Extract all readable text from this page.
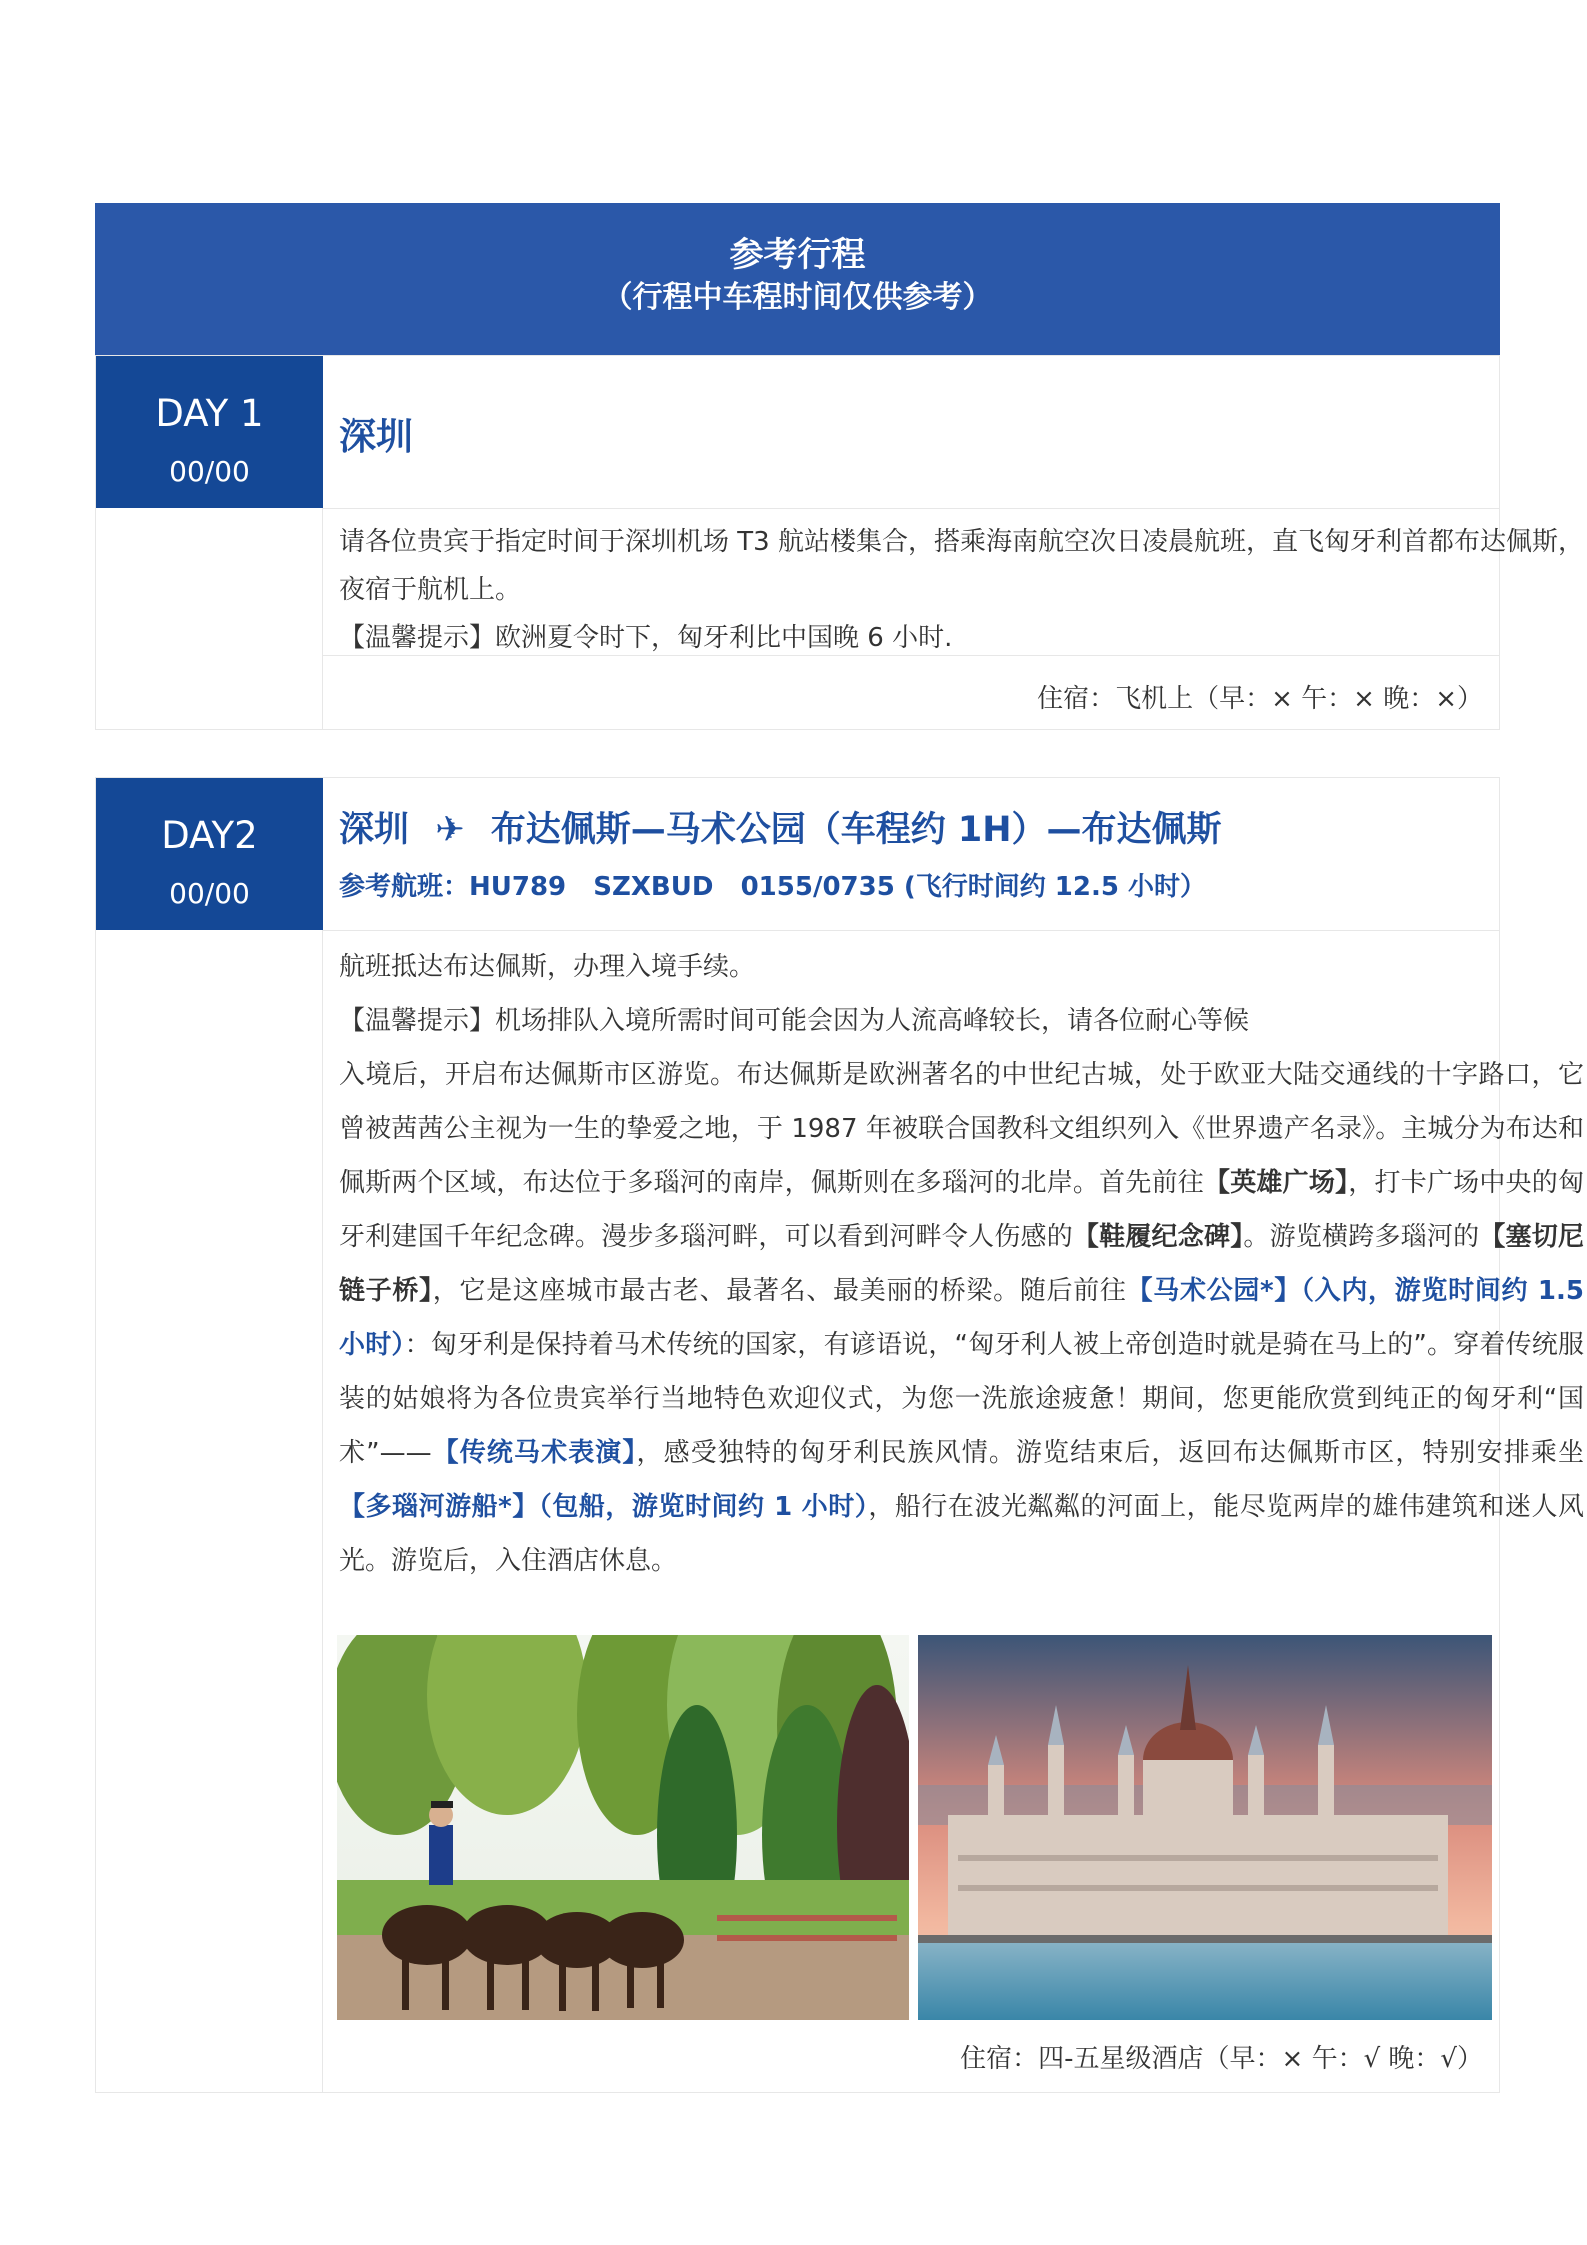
参考行程
（行程中车程时间仅供参考）
DAY 1
00/00
深圳

请各位贵宾于指定时间于深圳机场 T3 航站楼集合，搭乘海南航空次日凌晨航班，直飞匈牙利首都布达佩斯，夜宿于航机上。

【温馨提示】欧洲夏令时下，匈牙利比中国晚 6 小时.

住宿：飞机上（早：× 午：× 晚：×）
DAY2
00/00
深圳 ✈ 布达佩斯—马术公园（车程约 1H）—布达佩斯
参考航班：HU789   SZXBUD   0155/0735 (飞行时间约 12.5 小时）

航班抵达布达佩斯，办理入境手续。

【温馨提示】机场排队入境所需时间可能会因为人流高峰较长，请各位耐心等候

入境后，开启布达佩斯市区游览。布达佩斯是欧洲著名的中世纪古城，处于欧亚大陆交通线的十字路口，它曾被茜茜公主视为一生的挚爱之地，于 1987 年被联合国教科文组织列入《世界遗产名录》。主城分为布达和佩斯两个区域，布达位于多瑙河的南岸，佩斯则在多瑙河的北岸。首先前往【英雄广场】，打卡广场中央的匈牙利建国千年纪念碑。漫步多瑙河畔，可以看到河畔令人伤感的【鞋履纪念碑】。游览横跨多瑙河的【塞切尼链子桥】，它是这座城市最古老、最著名、最美丽的桥梁。随后前往【马术公园*】（入内，游览时间约 1.5 小时）：匈牙利是保持着马术传统的国家，有谚语说，“匈牙利人被上帝创造时就是骑在马上的”。穿着传统服装的姑娘将为各位贵宾举行当地特色欢迎仪式，为您一洗旅途疲惫！期间，您更能欣赏到纯正的匈牙利“国术”——【传统马术表演】，感受独特的匈牙利民族风情。游览结束后，返回布达佩斯市区，特别安排乘坐【多瑙河游船*】（包船，游览时间约 1 小时），船行在波光粼粼的河面上，能尽览两岸的雄伟建筑和迷人风光。游览后，入住酒店休息。

住宿：四-五星级酒店（早：× 午：√ 晚：√）
